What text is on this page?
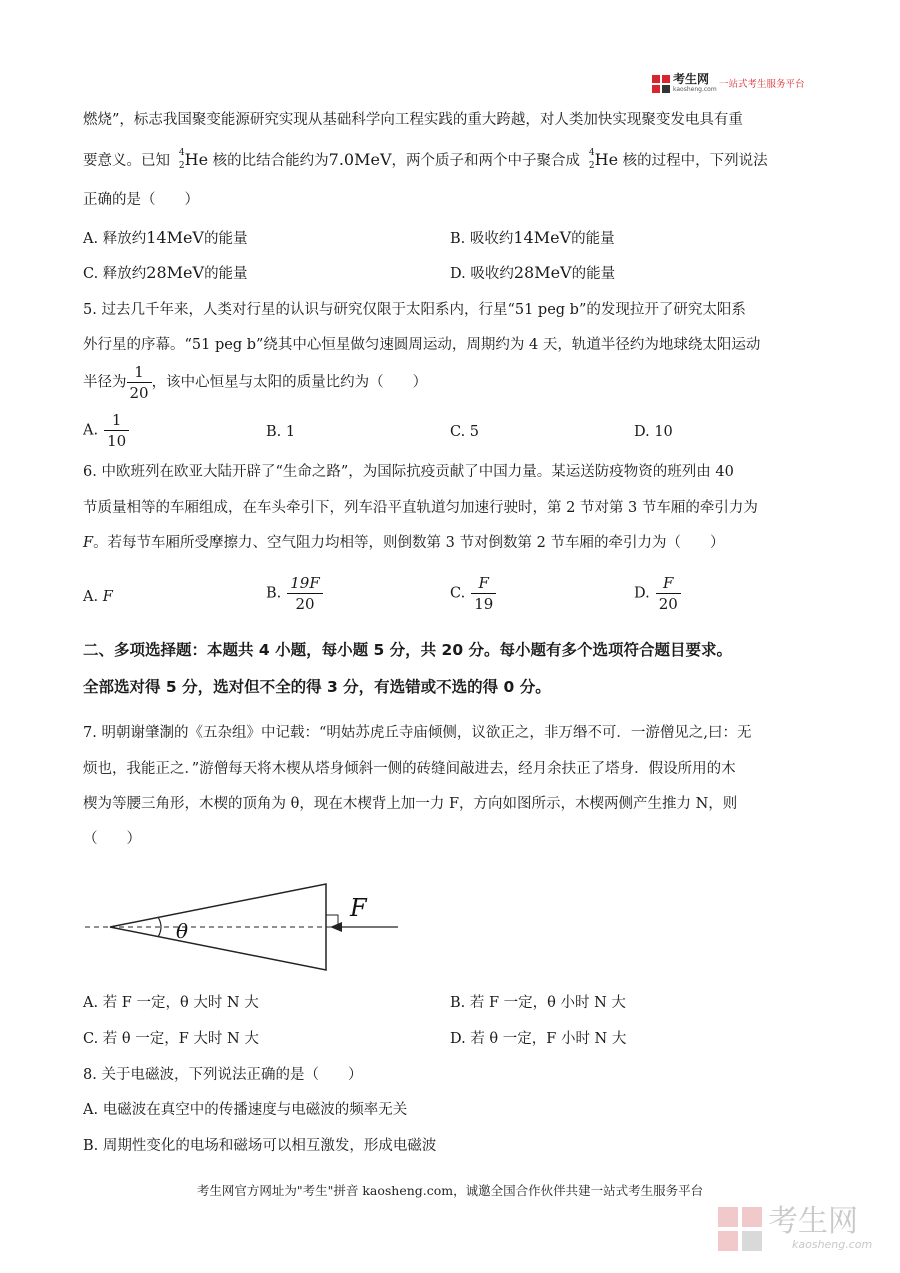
考生网
kaosheng.com 一站式考生服务平台
燃烧”，标志我国聚变能源研究实现从基础科学向工程实践的重大跨越，对人类加快实现聚变发电具有重
要意义。已知 4
2 He 核的比结合能约为7.0MeV，两个质子和两个中子聚合成 4
2 He 核的过程中，下列说法
正确的是（　　）
A. 释放约14MeV的能量	B. 吸收约14MeV的能量
C. 释放约28MeV的能量	D. 吸收约28MeV的能量
5. 过去几千年来，人类对行星的认识与研究仅限于太阳系内，行星“51 peg b”的发现拉开了研究太阳系
外行星的序幕。“51 peg b”绕其中心恒星做匀速圆周运动，周期约为 4 天，轨道半径约为地球绕太阳运动
半径为 $\frac{1}{20}$ ，该中心恒星与太阳的质量比约为（　　）
A. $\frac{1}{10}$	B. 1	C. 5	D. 10
6. 中欧班列在欧亚大陆开辟了“生命之路”，为国际抗疫贡献了中国力量。某运送防疫物资的班列由 40
节质量相等的车厢组成，在车头牵引下，列车沿平直轨道匀加速行驶时，第 2 节对第 3 节车厢的牵引力为
F。若每节车厢所受摩擦力、空气阻力均相等，则倒数第 3 节对倒数第 2 节车厢的牵引力为（　　）
A. F	B. $\frac{19F}{20}$	C. $\frac{F}{19}$	D. $\frac{F}{20}$
二、多项选择题：本题共 4 小题，每小题 5 分，共 20 分。每小题有多个选项符合题目要求。
全部选对得 5 分，选对但不全的得 3 分，有选错或不选的得 0 分。
7. 明朝谢肇淛的《五杂组》中记载：“明姑苏虎丘寺庙倾侧，议欲正之，非万缗不可．一游僧见之,曰：无
烦也，我能正之．”游僧每天将木楔从塔身倾斜一侧的砖缝间敲进去，经月余扶正了塔身．假设所用的木
楔为等腰三角形，木楔的顶角为 θ，现在木楔背上加一力 F，方向如图所示，木楔两侧产生推力 N，则
（　　）
F
θ
A. 若 F 一定，θ 大时 N 大	B. 若 F 一定，θ 小时 N 大
C. 若 θ 一定，F 大时 N 大	D. 若 θ 一定，F 小时 N 大
8. 关于电磁波，下列说法正确的是（　　）
A. 电磁波在真空中的传播速度与电磁波的频率无关
B. 周期性变化的电场和磁场可以相互激发，形成电磁波
考生网官方网址为"考生"拼音 kaosheng.com，诚邀全国合作伙伴共建一站式考生服务平台
考生网
kaosheng.com
